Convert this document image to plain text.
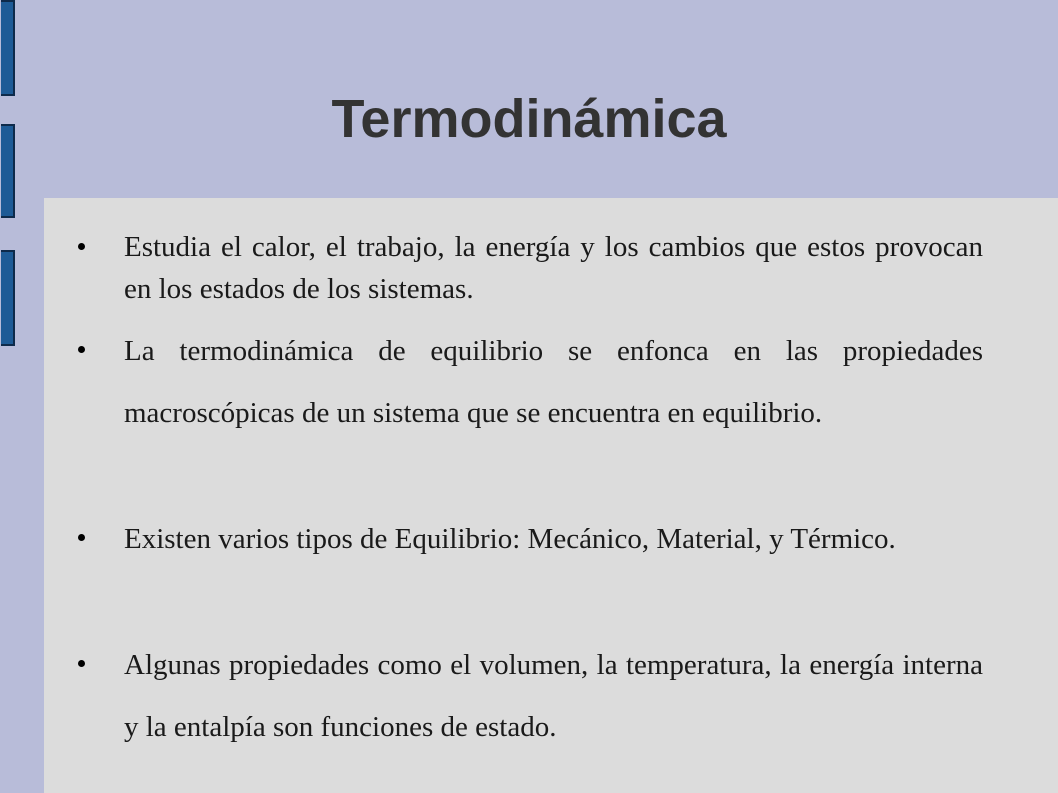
Termodinámica
Estudia el calor, el trabajo, la energía y los cambios que estos provocan en los estados de los sistemas.
La termodinámica de equilibrio se enfonca en las propiedades macroscópicas de un sistema que se encuentra en equilibrio.
Existen varios tipos de Equilibrio: Mecánico, Material, y Térmico.
Algunas propiedades como el volumen, la temperatura, la energía interna y la entalpía son funciones de estado.
